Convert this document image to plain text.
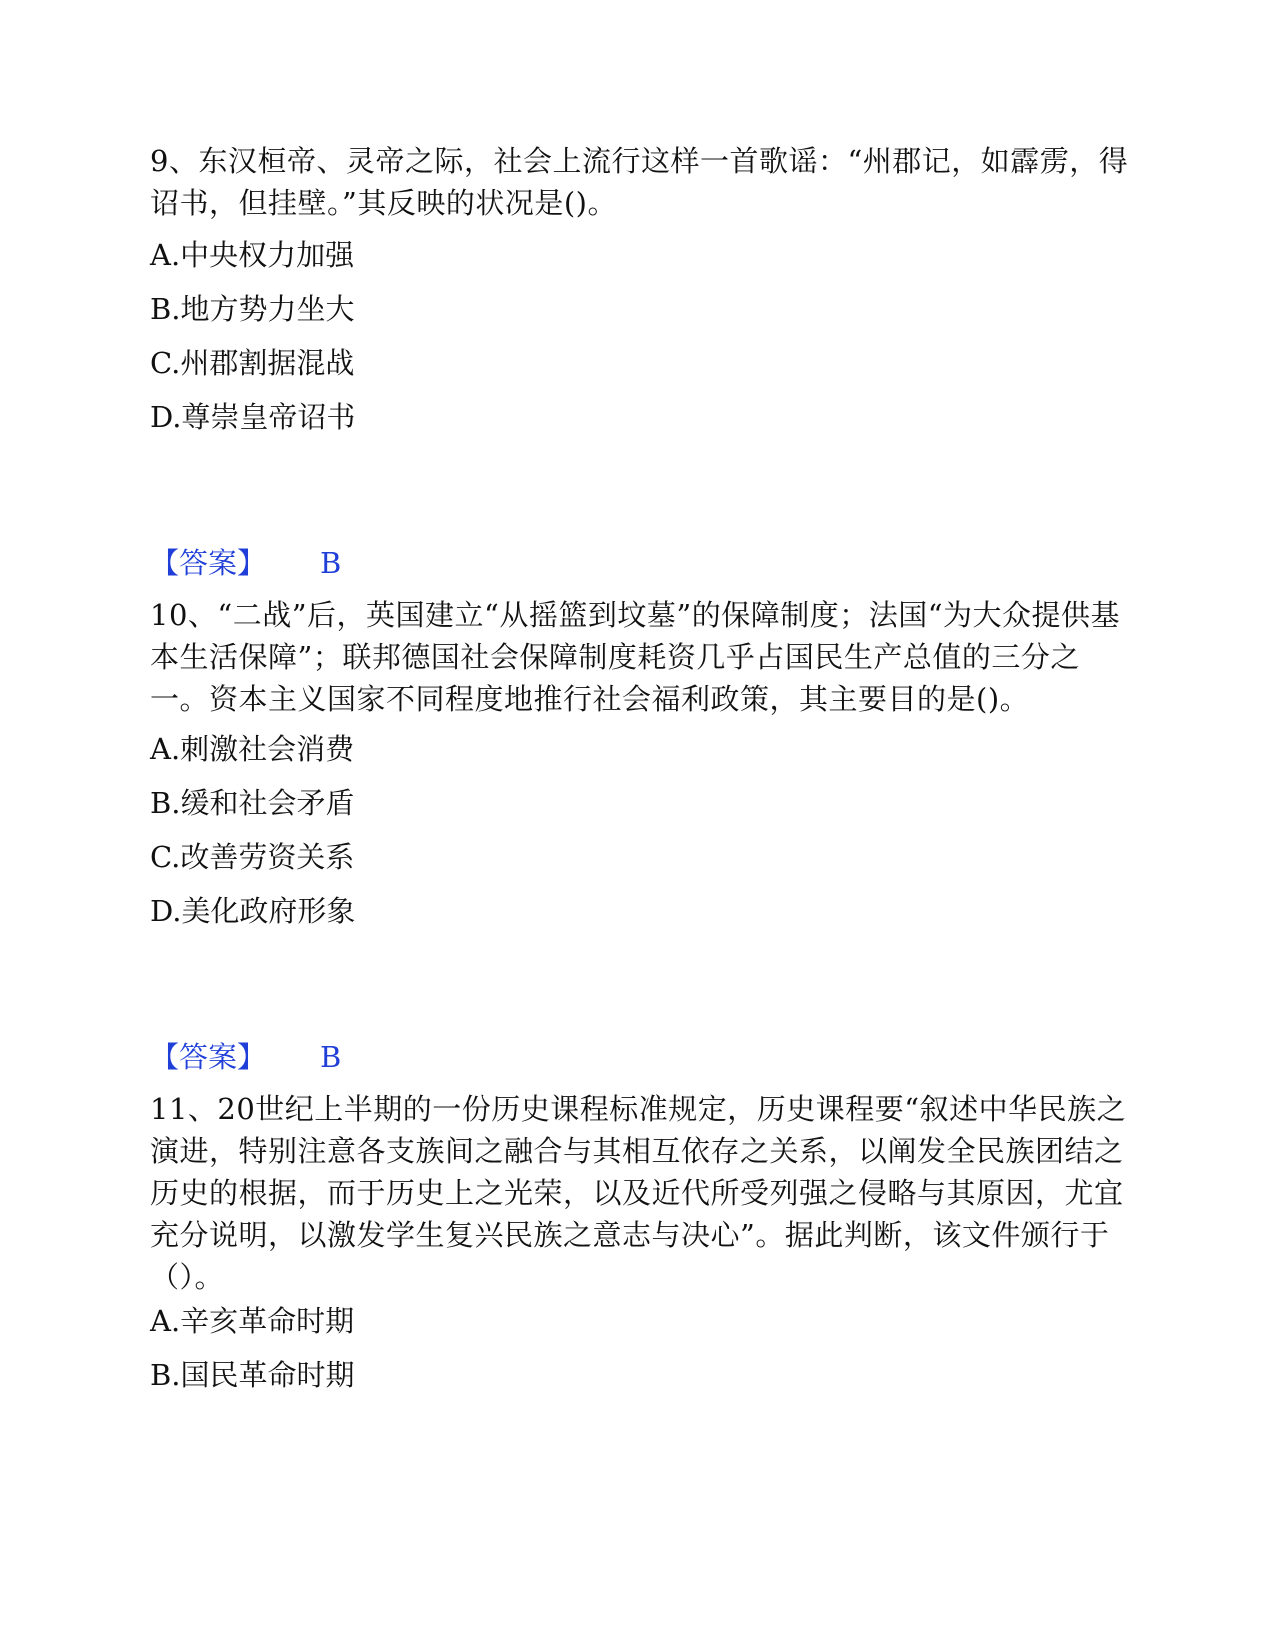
9、东汉桓帝、灵帝之际，社会上流行这样一首歌谣：“州郡记，如霹雳，得诏书，但挂壁。”其反映的状况是()。
A.中央权力加强
B.地方势力坐大
C.州郡割据混战
D.尊崇皇帝诏书
【答案】 B
10、“二战”后，英国建立“从摇篮到坟墓”的保障制度；法国“为大众提供基本生活保障”；联邦德国社会保障制度耗资几乎占国民生产总值的三分之一。资本主义国家不同程度地推行社会福利政策，其主要目的是()。
A.刺激社会消费
B.缓和社会矛盾
C.改善劳资关系
D.美化政府形象
【答案】 B
11、20世纪上半期的一份历史课程标准规定，历史课程要“叙述中华民族之演进，特别注意各支族间之融合与其相互依存之关系，以阐发全民族团结之历史的根据，而于历史上之光荣，以及近代所受列强之侵略与其原因，尤宜充分说明，以激发学生复兴民族之意志与决心”。据此判断，该文件颁行于（）。
A.辛亥革命时期
B.国民革命时期
